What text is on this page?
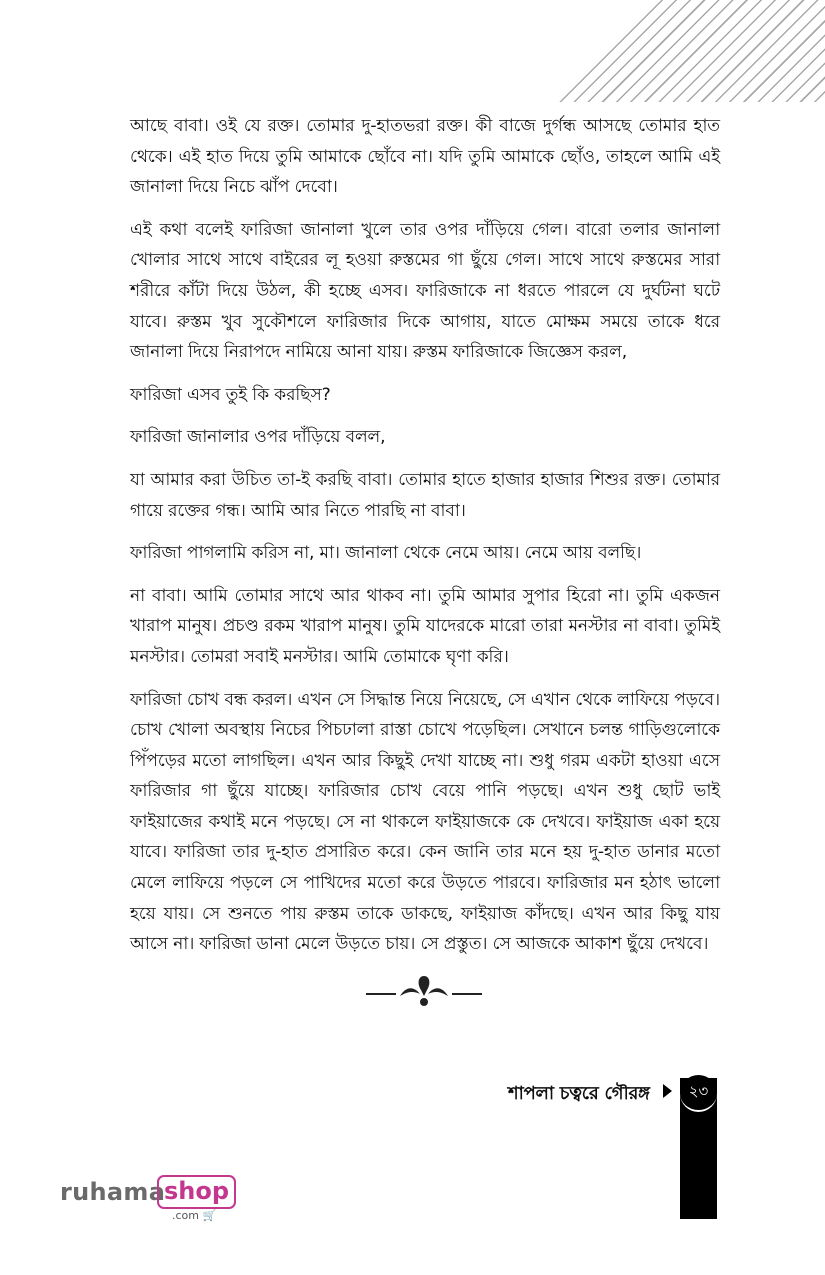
আছে বাবা। ওই যে রক্ত। তোমার দু-হাতভরা রক্ত। কী বাজে দুর্গন্ধ আসছে তোমার হাত থেকে। এই হাত দিয়ে তুমি আমাকে ছোঁবে না। যদি তুমি আমাকে ছোঁও, তাহলে আমি এই জানালা দিয়ে নিচে ঝাঁপ দেবো।

এই কথা বলেই ফারিজা জানালা খুলে তার ওপর দাঁড়িয়ে গেল। বারো তলার জানালা খোলার সাথে সাথে বাইরের লূ হওয়া রুস্তমের গা ছুঁয়ে গেল। সাথে সাথে রুস্তমের সারা শরীরে কাঁটা দিয়ে উঠল, কী হচ্ছে এসব। ফারিজাকে না ধরতে পারলে যে দুর্ঘটনা ঘটে যাবে। রুস্তম খুব সুকৌশলে ফারিজার দিকে আগায়, যাতে মোক্ষম সময়ে তাকে ধরে জানালা দিয়ে নিরাপদে নামিয়ে আনা যায়। রুস্তম ফারিজাকে জিজ্ঞেস করল,

ফারিজা এসব তুই কি করছিস?

ফারিজা জানালার ওপর দাঁড়িয়ে বলল,

যা আমার করা উচিত তা-ই করছি বাবা। তোমার হাতে হাজার হাজার শিশুর রক্ত। তোমার গায়ে রক্তের গন্ধ। আমি আর নিতে পারছি না বাবা।

ফারিজা পাগলামি করিস না, মা। জানালা থেকে নেমে আয়। নেমে আয় বলছি।

না বাবা। আমি তোমার সাথে আর থাকব না। তুমি আমার সুপার হিরো না। তুমি একজন খারাপ মানুষ। প্রচণ্ড রকম খারাপ মানুষ। তুমি যাদেরকে মারো তারা মনস্টার না বাবা। তুমিই মনস্টার। তোমরা সবাই মনস্টার। আমি তোমাকে ঘৃণা করি।

ফারিজা চোখ বন্ধ করল। এখন সে সিদ্ধান্ত নিয়ে নিয়েছে, সে এখান থেকে লাফিয়ে পড়বে। চোখ খোলা অবস্থায় নিচের পিচঢালা রাস্তা চোখে পড়েছিল। সেখানে চলন্ত গাড়িগুলোকে পিঁপড়ের মতো লাগছিল। এখন আর কিছুই দেখা যাচ্ছে না। শুধু গরম একটা হাওয়া এসে ফারিজার গা ছুঁয়ে যাচ্ছে। ফারিজার চোখ বেয়ে পানি পড়ছে। এখন শুধু ছোট ভাই ফাইয়াজের কথাই মনে পড়ছে। সে না থাকলে ফাইয়াজকে কে দেখবে। ফাইয়াজ একা হয়ে যাবে। ফারিজা তার দু-হাত প্রসারিত করে। কেন জানি তার মনে হয় দু-হাত ডানার মতো মেলে লাফিয়ে পড়লে সে পাখিদের মতো করে উড়তে পারবে। ফারিজার মন হঠাৎ ভালো হয়ে যায়। সে শুনতে পায় রুস্তম তাকে ডাকছে, ফাইয়াজ কাঁদছে। এখন আর কিছু যায় আসে না। ফারিজা ডানা মেলে উড়তে চায়। সে প্রস্তুত। সে আজকে আকাশ ছুঁয়ে দেখবে।

শাপলা চত্বরে গৌরঙ্গ	২৩
ruhama
shop
.com 🛒
